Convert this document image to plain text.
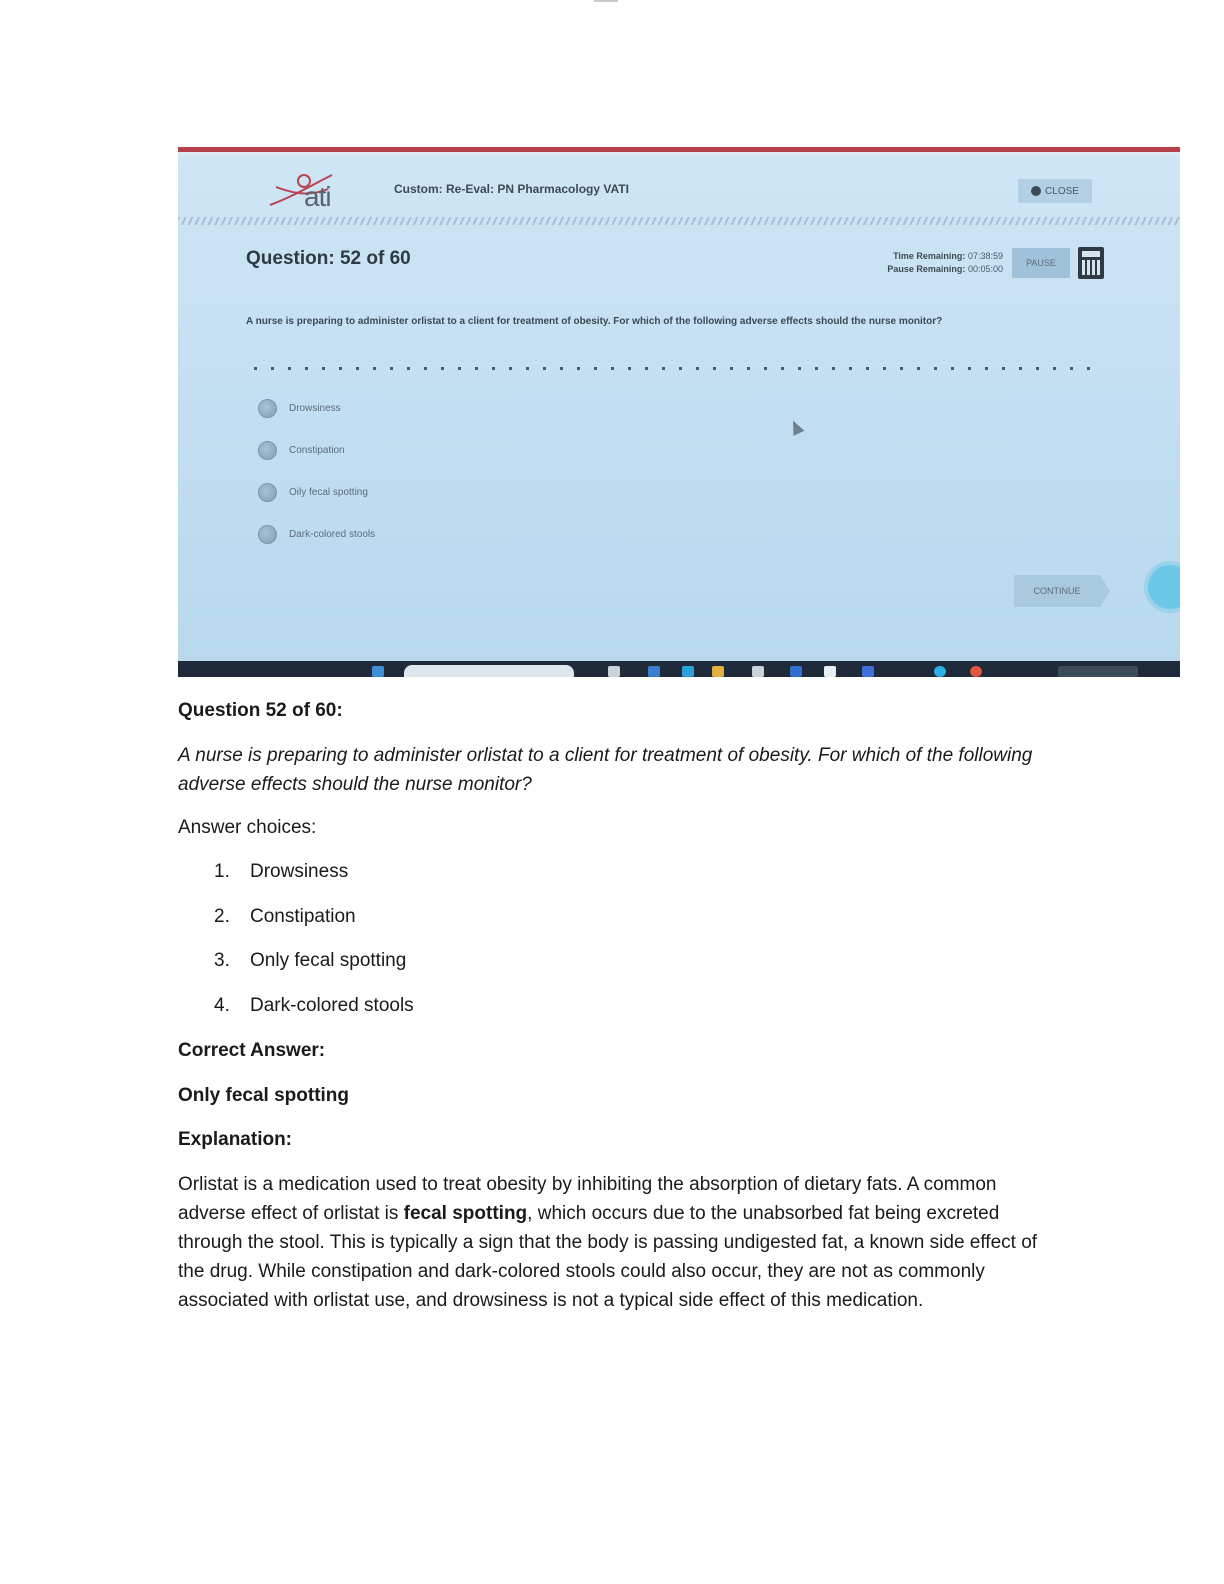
ati	Custom: Re-Eval: PN Pharmacology VATI	CLOSE
Question: 52 of 60	Time Remaining: 07:38:59
Pause Remaining: 00:05:00
PAUSE
A nurse is preparing to administer orlistat to a client for treatment of obesity. For which of the following adverse effects should the nurse monitor?
Drowsiness
Constipation
Oily fecal spotting
Dark-colored stools
CONTINUE
Question 52 of 60:
A nurse is preparing to administer orlistat to a client for treatment of obesity. For which of the following adverse effects should the nurse monitor?
Answer choices:
1.	Drowsiness
2.	Constipation
3.	Only fecal spotting
4.	Dark-colored stools
Correct Answer:
Only fecal spotting
Explanation:
Orlistat is a medication used to treat obesity by inhibiting the absorption of dietary fats. A common adverse effect of orlistat is fecal spotting, which occurs due to the unabsorbed fat being excreted through the stool. This is typically a sign that the body is passing undigested fat, a known side effect of the drug. While constipation and dark-colored stools could also occur, they are not as commonly associated with orlistat use, and drowsiness is not a typical side effect of this medication.
